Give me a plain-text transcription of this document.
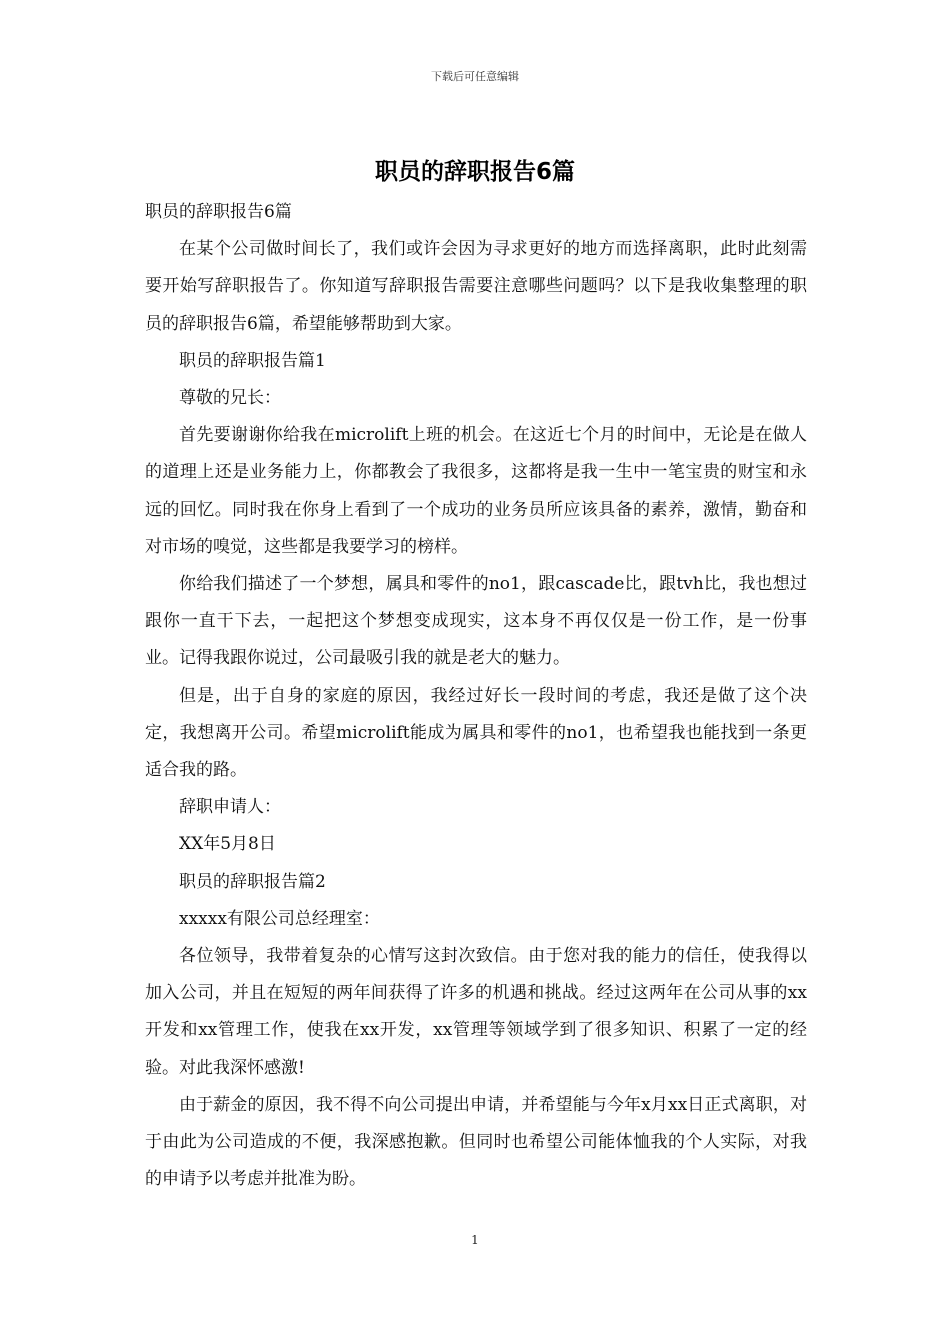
下载后可任意编辑
职员的辞职报告6篇

职员的辞职报告6篇

在某个公司做时间长了，我们或许会因为寻求更好的地方而选择离职，此时此刻需要开始写辞职报告了。你知道写辞职报告需要注意哪些问题吗？以下是我收集整理的职员的辞职报告6篇，希望能够帮助到大家。

职员的辞职报告篇1

尊敬的兄长：

首先要谢谢你给我在microlift上班的机会。在这近七个月的时间中，无论是在做人的道理上还是业务能力上，你都教会了我很多，这都将是我一生中一笔宝贵的财宝和永远的回忆。同时我在你身上看到了一个成功的业务员所应该具备的素养，激情，勤奋和对市场的嗅觉，这些都是我要学习的榜样。

你给我们描述了一个梦想，属具和零件的no1，跟cascade比，跟tvh比，我也想过跟你一直干下去，一起把这个梦想变成现实，这本身不再仅仅是一份工作，是一份事业。记得我跟你说过，公司最吸引我的就是老大的魅力。

但是，出于自身的家庭的原因，我经过好长一段时间的考虑，我还是做了这个决定，我想离开公司。希望microlift能成为属具和零件的no1，也希望我也能找到一条更适合我的路。

辞职申请人：

XX年5月8日

职员的辞职报告篇2

xxxxx有限公司总经理室：

各位领导，我带着复杂的心情写这封次致信。由于您对我的能力的信任，使我得以加入公司，并且在短短的两年间获得了许多的机遇和挑战。经过这两年在公司从事的xx开发和xx管理工作，使我在xx开发，xx管理等领域学到了很多知识、积累了一定的经验。对此我深怀感激!

由于薪金的原因，我不得不向公司提出申请，并希望能与今年x月xx日正式离职，对于由此为公司造成的不便，我深感抱歉。但同时也希望公司能体恤我的个人实际，对我的申请予以考虑并批准为盼。

1
